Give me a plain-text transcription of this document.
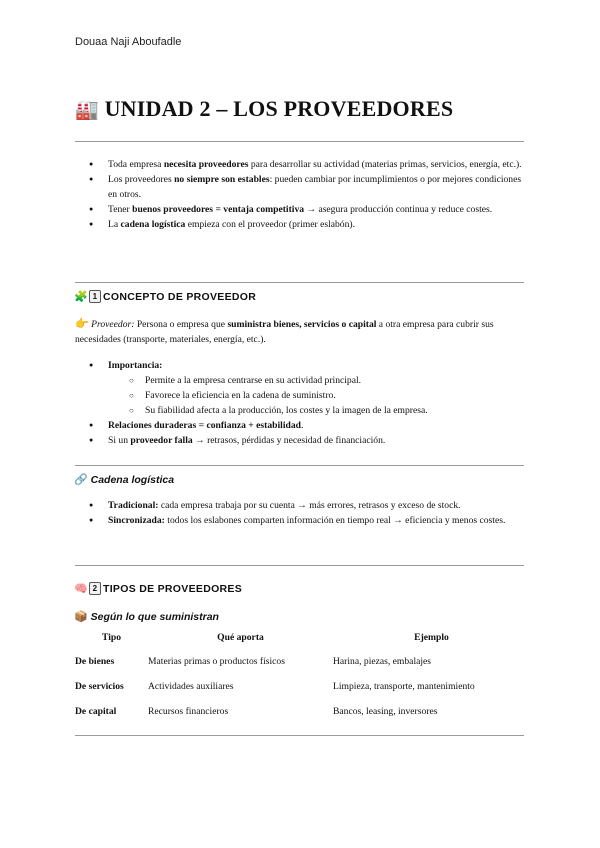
Douaa Naji Aboufadle
🏭 UNIDAD 2 – LOS PROVEEDORES
● Toda empresa necesita proveedores para desarrollar su actividad (materias primas, servicios, energía, etc.).
● Los proveedores no siempre son estables: pueden cambiar por incumplimientos o por mejores condiciones en otros.
● Tener buenos proveedores = ventaja competitiva → asegura producción continua y reduce costes.
● La cadena logística empieza con el proveedor (primer eslabón).
🧩 1 CONCEPTO DE PROVEEDOR

👉 Proveedor: Persona o empresa que suministra bienes, servicios o capital a otra empresa para cubrir sus necesidades (transporte, materiales, energía, etc.).

● Importancia:
○ Permite a la empresa centrarse en su actividad principal.
○ Favorece la eficiencia en la cadena de suministro.
○ Su fiabilidad afecta a la producción, los costes y la imagen de la empresa.
● Relaciones duraderas = confianza + estabilidad.
● Si un proveedor falla → retrasos, pérdidas y necesidad de financiación.
🔗 Cadena logística
● Tradicional: cada empresa trabaja por su cuenta → más errores, retrasos y exceso de stock.
● Sincronizada: todos los eslabones comparten información en tiempo real → eficiencia y menos costes.
🧠 2 TIPOS DE PROVEEDORES
📦 Según lo que suministran
Tipo	Qué aporta	Ejemplo
De bienes	Materias primas o productos físicos	Harina, piezas, embalajes
De servicios	Actividades auxiliares	Limpieza, transporte, mantenimiento
De capital	Recursos financieros	Bancos, leasing, inversores
